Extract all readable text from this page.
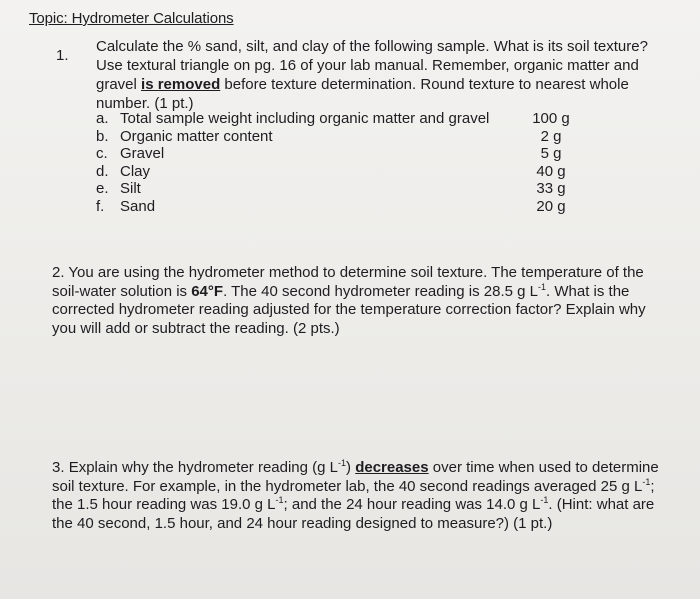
Topic: Hydrometer Calculations
1.
Calculate the % sand, silt, and clay of the following sample. What is its soil texture? Use textural triangle on pg. 16 of your lab manual. Remember, organic matter and gravel is removed before texture determination. Round texture to nearest whole number. (1 pt.)
a. Total sample weight including organic matter and gravel	100 g
b. Organic matter content	2 g
c. Gravel	5 g
d. Clay	40 g
e. Silt	33 g
f. Sand	20 g
2. You are using the hydrometer method to determine soil texture. The temperature of the soil-water solution is 64°F. The 40 second hydrometer reading is 28.5 g $L^{-1}$. What is the corrected hydrometer reading adjusted for the temperature correction factor? Explain why you will add or subtract the reading. (2 pts.)
3. Explain why the hydrometer reading (g $L^{-1}$) decreases over time when used to determine soil texture. For example, in the hydrometer lab, the 40 second readings averaged 25 g $L^{-1}$; the 1.5 hour reading was 19.0 g $L^{-1}$; and the 24 hour reading was 14.0 g $L^{-1}$. (Hint: what are the 40 second, 1.5 hour, and 24 hour reading designed to measure?) (1 pt.)
